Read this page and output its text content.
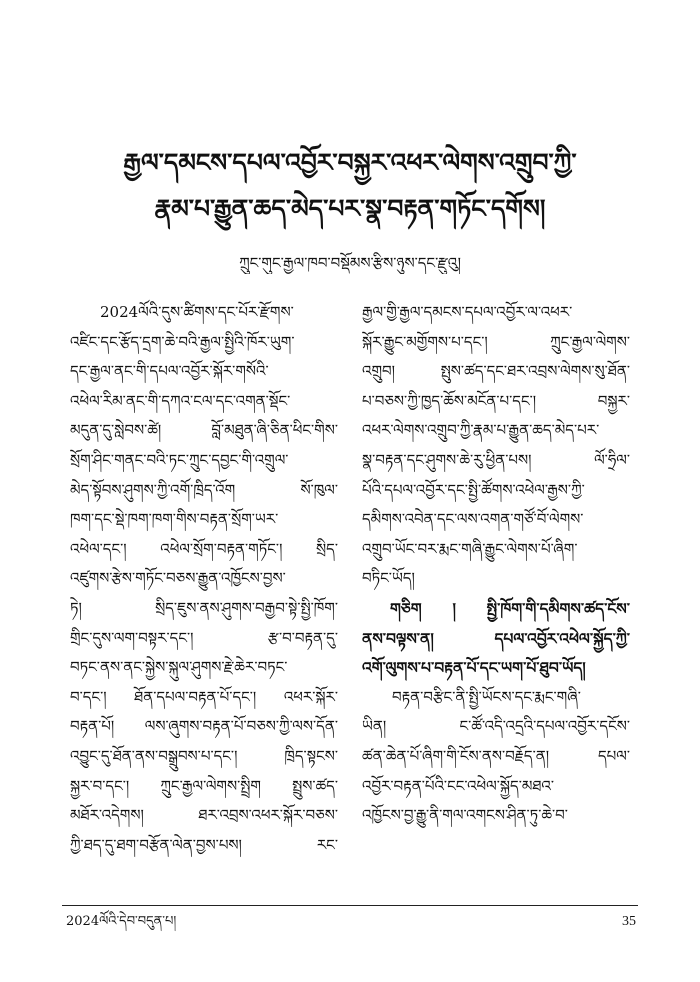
རྒྱལ་དམངས་དཔལ་འབྱོར་བསྐྱར་འཕར་ལེགས་འགྲུབ་ཀྱི་
རྣམ་པ་རྒྱུན་ཆད་མེད་པར་སྣ་བརྟན་གཏོང་དགོས།
ཀྲུང་གུང་རྒྱལ་ཁབ་བསྡོམས་རྩིས་ཉུས་དང་རྫུའུ།
2024ལོའི་དུས་ཚིགས་དང་པོར་རྫོགས་
འཛིང་དང་རྩོད་དྲག་ཆེ་བའི་རྒྱལ་སྤྱིའི་ཁོར་ཡུག་
དང་རྒྱལ་ནང་གི་དཔལ་འབྱོར་སྐོར་གསོའི་
འཕེལ་རིམ་ནང་གི་དཀའ་ངལ་དང་འགན་སྡོང་
མདུན་དུ་སླེབས་ཚེ། བློ་མཐུན་ཞི་ཅིན་ཕིང་གིས་
སྲོག་ཤིང་གནང་བའི་ཏང་ཀྲུང་དབྱང་གི་འགྲུལ་
མེད་སྟོབས་ཤུགས་ཀྱི་འགོ་ཁྲིད་འོག སོ་ཁུལ་
ཁག་དང་སྡེ་ཁག་ཁག་གིས་བརྟན་སྲོག་ཡར་
འཕེལ་དང་། འཕེལ་སྲོག་བརྟན་གཏོང་། སྲིད་
འཛུགས་རྩེས་གཏོང་བཅས་རྒྱུན་འཁྱོངས་བྱས་
ཏེ། སྲིད་ཇུས་ནས་ཤུགས་བརྒྱབ་སྟེ་སྤྱི་ཁོག་
གྲིང་དུས་ལག་བསྟར་དང་། རྩ་བ་བརྟན་དུ་
བཏང་ནས་ནང་སྐྱེས་སྐུལ་ཤུགས་རྗེ་ཆེར་བཏང་
བ་དང་། ཐོན་དཔལ་བརྟན་པོ་དང་། འཕར་སྐོར་
བརྟན་པོ། ལས་ཞུགས་བརྟན་པོ་བཅས་ཀྱི་ལས་དོན་
འབྱུང་དུ་ཐོན་ནས་བསྒྲུབས་པ་དང་། ཁྲིད་སྟངས་
སྐྱར་བ་དང་། ཀྲུང་རྒྱལ་ལེགས་སྤྲིག སྤྲུས་ཚད་
མཐོར་འདེགས། ཐར་འབྲས་འཕར་སྐོར་བཅས་
ཀྱི་ཐད་དུ་ཐག་བརྩོན་ལེན་བྱས་པས། རང་
རྒྱལ་གྱི་རྒྱལ་དམངས་དཔལ་འབྱོར་ལ་འཕར་
སྐོར་རྒྱུང་མགྱོགས་པ་དང་། ཀྲུང་རྒྱལ་ལེགས་
འགྲུབ། སྤུས་ཚད་དང་ཐར་འབྲས་ལེགས་སུ་ཐོན་
པ་བཅས་ཀྱི་ཁྱད་ཆོས་མངོན་པ་དང་། བསྐྱར་
འཕར་ལེགས་འགྲུབ་ཀྱི་རྣམ་པ་རྒྱུན་ཆད་མེད་པར་
སྣ་བརྟན་དང་ཤུགས་ཆེ་རུ་ཕྱིན་པས། ལོ་ཧྲིལ་
པོའི་དཔལ་འབྱོར་དང་སྤྱི་ཚོགས་འཕེལ་རྒྱས་ཀྱི་
དམིགས་འབེན་དང་ལས་འགན་གཙོ་བོ་ལེགས་
འགྲུབ་ཡོང་བར་རྨང་གཞི་རྒྱུང་ལེགས་པོ་ཞིག་
བཏིང་ཡོད།
གཅིག ། སྤྱི་ཁོག་གི་དམིགས་ཚད་ངོས་
ནས་བལྟས་ན། དཔལ་འབྱོར་འཕེལ་སྐྱོད་ཀྱི་
འགོ་ལུགས་པ་བརྟན་པོ་དང་ཡག་པོ་ཐུབ་ཡོད།
བརྟན་བརྩིང་ནི་སྤྱི་ཡོངས་དང་རྨང་གཞི་
ཡིན། ང་ཚོ་འདི་འདྲའི་དཔལ་འབྱོར་དངོས་
ཚན་ཆེན་པོ་ཞིག་གི་ངོས་ནས་བརྗོད་ན། དཔལ་
འབྱོར་བརྟན་པོའི་ངང་འཕེལ་སྐྱོད་མཐའ་
འཁྱོངས་བྱ་རྒྱུ་ནི་གལ་འགངས་ཤིན་ཏུ་ཆེ་བ་
2024ལོའི་དེབ་བདུན་པ།	35
